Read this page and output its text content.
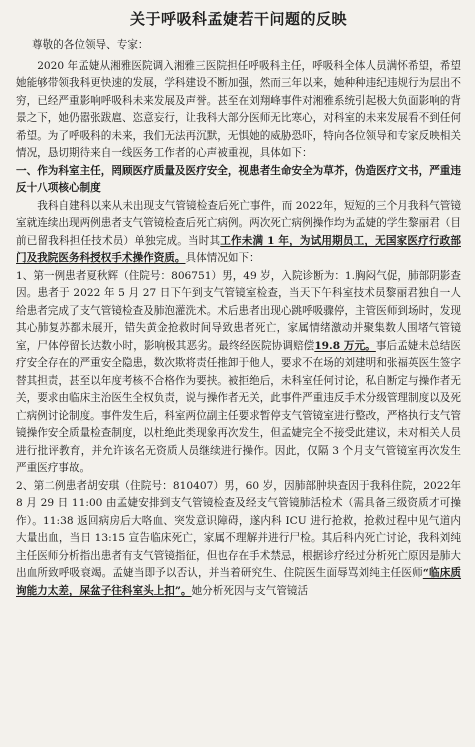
关于呼吸科孟婕若干问题的反映
尊敬的各位领导、专家：

2020 年孟婕从湘雅医院调入湘雅三医院担任呼吸科主任，呼吸科全体人员满怀希望，希望她能够带领我科更快速的发展，学科建设不断加强，然而三年以来，她种种违纪违规行为层出不穷，已经严重影响呼吸科未来发展及声誉。甚至在刘翔峰事件对湘雅系统引起极大负面影响的背景之下，她仍嚣张跋扈、恣意妄行，让我科大部分医师无比寒心，对科室的未来发展看不到任何希望。为了呼吸科的未来，我们无法再沉默，无惧她的威胁恐吓，特向各位领导和专家反映相关情况，恳切期待来自一线医务工作者的心声被重视，具体如下：

一、作为科室主任，罔顾医疗质量及医疗安全，视患者生命安全为草芥，伪造医疗文书，严重违反十八项核心制度

我科自建科以来从未出现支气管镜检查后死亡事件，而 2022年，短短的三个月我科气管镜室就连续出现两例患者支气管镜检查后死亡病例。两次死亡病例操作均为孟婕的学生黎丽君（目前已留我科担任技术员）单独完成。当时其工作未满 1 年，为试用期员工，无国家医疗行政部门及我院医务科授权手术操作资质。具体情况如下：

1、第一例患者夏秋辉（住院号：806751）男，49 岁，入院诊断为：1.胸闷气促，肺部阴影查因。患者于 2022 年 5 月 27 日下午到支气管镜室检查，当天下午科室技术员黎丽君独自一人给患者完成了支气管镜检查及肺泡灌洗术。术后患者出现心跳呼吸骤停，主管医师到场时，发现其心肺复苏都未展开，错失黄金抢救时间导致患者死亡，家属情绪激动并聚集数人围堵气管镜室，尸体停留长达数小时，影响极其恶劣。最终经医院协调赔偿19.8 万元。事后孟婕未总结医疗安全存在的严重安全隐患，数次欺将责任推卸于他人，要求不在场的刘建明和张福英医生签字替其担责，甚至以年度考核不合格作为要挟。被拒绝后，未科室任何讨论，私自断定与操作者无关，要求由临床主治医生全权负责，说与操作者无关，此事件严重违反手术分级管理制度以及死亡病例讨论制度。事件发生后，科室两位副主任要求暂停支气管镜室进行整改，严格执行支气管镜操作安全质量检查制度，以杜绝此类现象再次发生，但孟婕完全不接受此建议，未对相关人员进行批评教育，并允许该名无资质人员继续进行操作。因此，仅隔 3 个月支气管镜室再次发生严重医疗事故。

2、第二例患者胡安琪（住院号：810407）男，60 岁，因肺部肿块查因于我科住院，2022年 8 月 29 日 11:00 由孟婕安排到支气管镜检查及经支气管镜肺活检术（需具备三级资质才可操作）。11:38 返回病房后大咯血、突发意识障碍，遂内科 ICU 进行抢救，抢救过程中见气道内大量出血，当日 13:15 宣告临床死亡，家属不理解并进行尸检。其后科内死亡讨论，我科刘纯主任医师分析指出患者有支气管镜指征，但也存在手术禁忌，根据诊疗经过分析死亡原因是肺大出血所致呼吸衰竭。孟婕当即予以否认，并当着研究生、住院医生面辱骂刘纯主任医师“临床质询能力太差，屎盆子往科室头上扣”。她分析死因与支气管镜活
